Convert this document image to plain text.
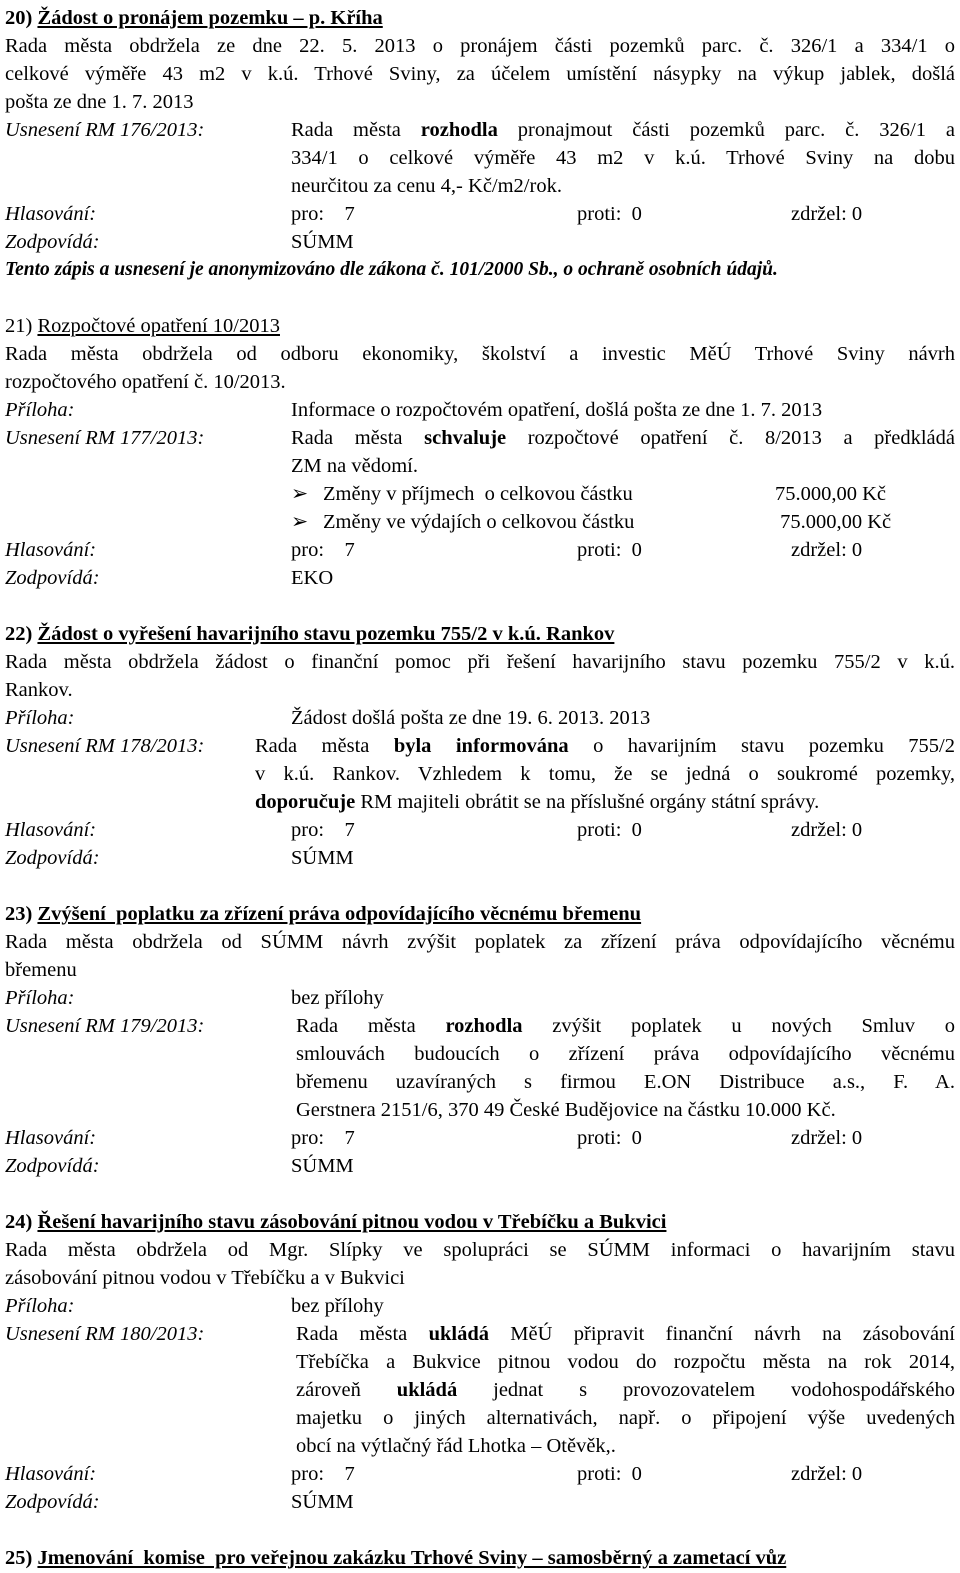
20) Žádost o pronájem pozemku – p. Kříha
Rada města obdržela ze dne 22. 5. 2013 o pronájem části pozemků parc. č. 326/1 a 334/1 o
celkové výměře 43 m2 v k.ú. Trhové Sviny, za účelem umístění násypky na výkup jablek, došlá
pošta ze dne 1. 7. 2013
Usnesení RM 176/2013:	Rada města rozhodla pronajmout části pozemků parc. č. 326/1 a
334/1 o celkové výměře 43 m2 v k.ú. Trhové Sviny na dobu
neurčitou za cenu 4,- Kč/m2/rok.
Hlasování:	pro:    7	proti:  0	zdržel: 0
Zodpovídá:	SÚMM
Tento zápis a usnesení je anonymizováno dle zákona č. 101/2000 Sb., o ochraně osobních údajů.
21) Rozpočtové opatření 10/2013
Rada města obdržela od odboru ekonomiky, školství a investic MěÚ Trhové Sviny návrh
rozpočtového opatření č. 10/2013.
Příloha:	Informace o rozpočtovém opatření, došlá pošta ze dne 1. 7. 2013
Usnesení RM 177/2013:	Rada města schvaluje rozpočtové opatření č. 8/2013 a předkládá
ZM na vědomí.
➢ Změny v příjmech  o celkovou částku	75.000,00 Kč
➢ Změny ve výdajích o celkovou částku	75.000,00 Kč
Hlasování:	pro:    7	proti:  0	zdržel: 0
Zodpovídá:	EKO
22) Žádost o vyřešení havarijního stavu pozemku 755/2 v k.ú. Rankov
Rada města obdržela žádost o finanční pomoc při řešení havarijního stavu pozemku 755/2 v k.ú.
Rankov.
Příloha:	Žádost došlá pošta ze dne 19. 6. 2013. 2013
Usnesení RM 178/2013:	Rada města byla informována o havarijním stavu pozemku 755/2
v k.ú. Rankov. Vzhledem k tomu, že se jedná o soukromé pozemky,
doporučuje RM majiteli obrátit se na příslušné orgány státní správy.
Hlasování:	pro:    7	proti:  0	zdržel: 0
Zodpovídá:	SÚMM
23) Zvýšení  poplatku za zřízení práva odpovídajícího věcnému břemenu
Rada města obdržela od SÚMM návrh zvýšit poplatek za zřízení práva odpovídajícího věcnému
břemenu
Příloha:	bez přílohy
Usnesení RM 179/2013:	Rada města rozhodla zvýšit poplatek u nových Smluv o
smlouvách budoucích o zřízení práva odpovídajícího věcnému
břemenu uzavíraných s firmou E.ON Distribuce a.s., F. A.
Gerstnera 2151/6, 370 49 České Budějovice na částku 10.000 Kč.
Hlasování:	pro:    7	proti:  0	zdržel: 0
Zodpovídá:	SÚMM
24) Řešení havarijního stavu zásobování pitnou vodou v Třebíčku a Bukvici
Rada města obdržela od Mgr. Slípky ve spolupráci se SÚMM informaci o havarijním stavu
zásobování pitnou vodou v Třebíčku a v Bukvici
Příloha:	bez přílohy
Usnesení RM 180/2013:	Rada města ukládá MěÚ připravit finanční návrh na zásobování
Třebíčka a Bukvice pitnou vodou do rozpočtu města na rok 2014,
zároveň ukládá jednat s provozovatelem vodohospodářského
majetku o jiných alternativách, např. o připojení výše uvedených
obcí na výtlačný řád Lhotka – Otěvěk,.
Hlasování:	pro:    7	proti:  0	zdržel: 0
Zodpovídá:	SÚMM
25) Jmenování  komise  pro veřejnou zakázku Trhové Sviny – samosběrný a zametací vůz
